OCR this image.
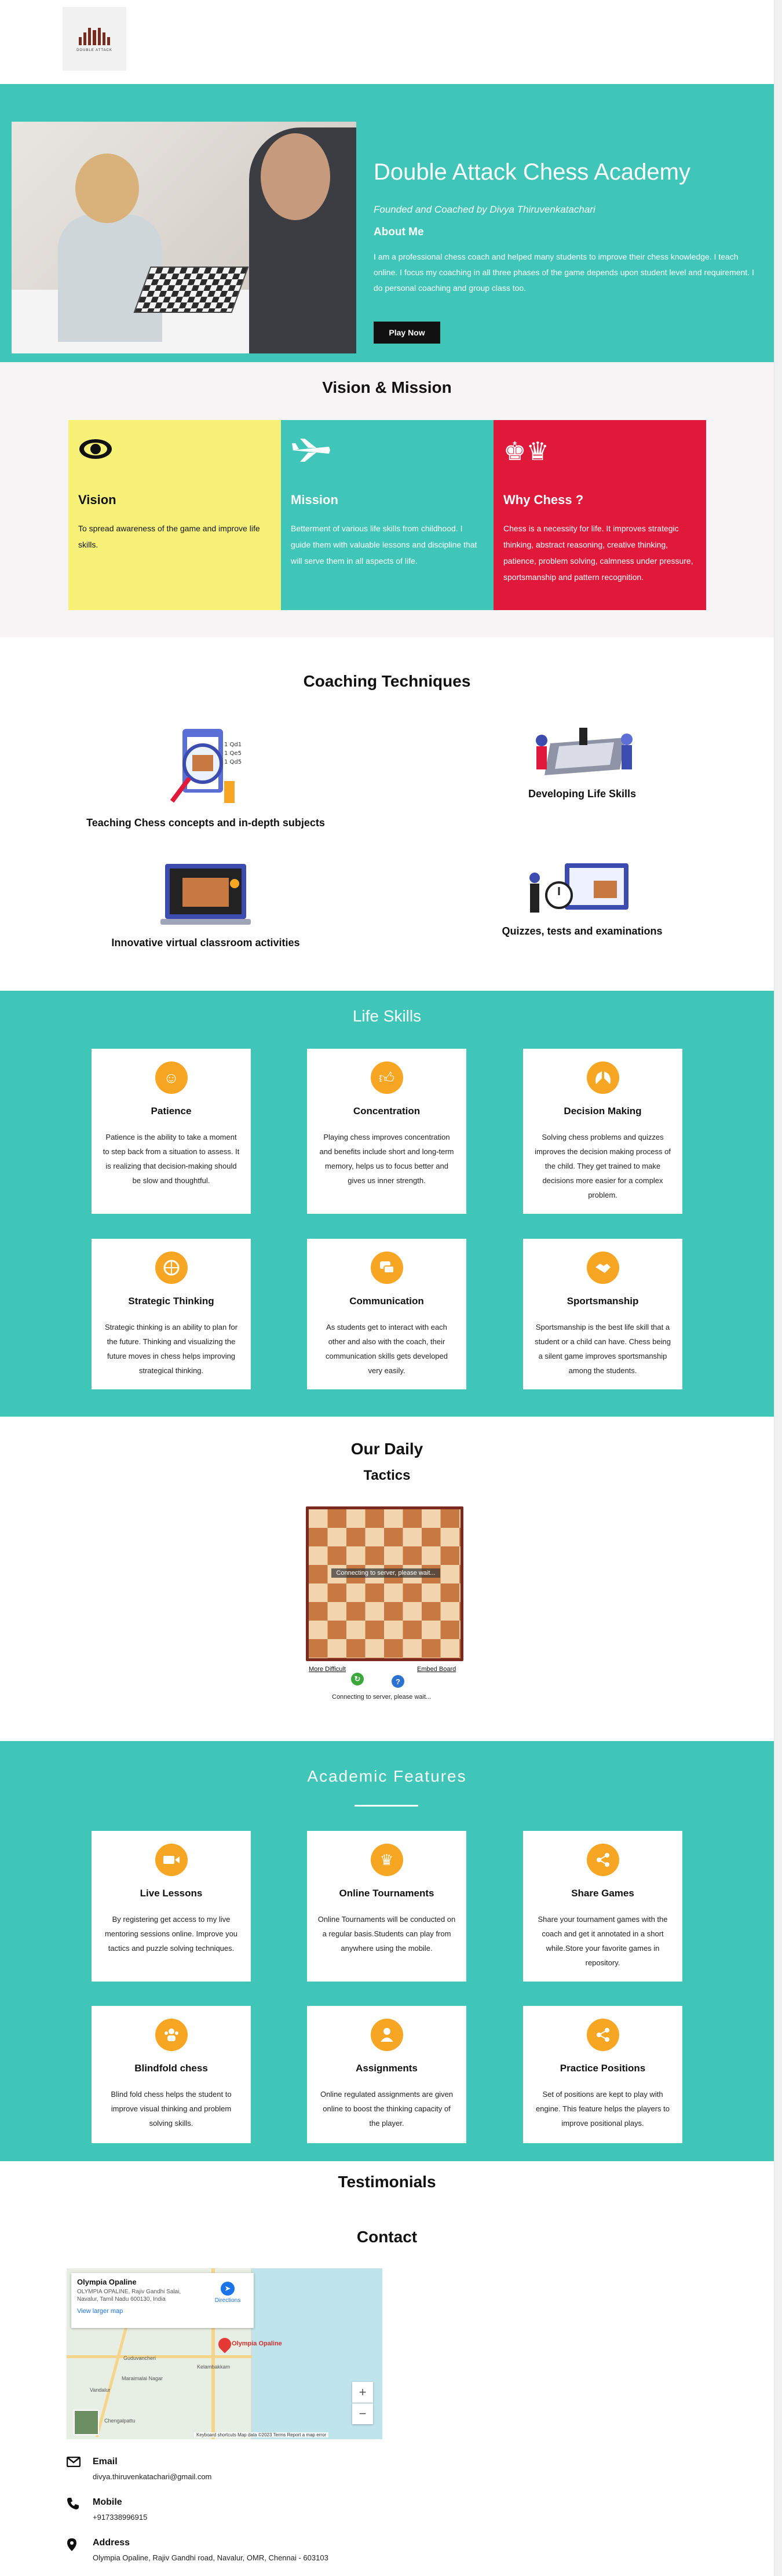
DOUBLE ATTACK
Double Attack Chess Academy
Founded and Coached by Divya Thiruvenkatachari
About Me
I am a professional chess coach and helped many students to improve their chess knowledge. I teach online. I focus my coaching in all three phases of the game depends upon student level and requirement. I do personal coaching and group class too.
Play Now
Vision & Mission
Vision
To spread awareness of the game and improve life skills.
Mission
Betterment of various life skills from childhood. I guide them with valuable lessons and discipline that will serve them in all aspects of life.
♚♛
Why Chess ?
Chess is a necessity for life. It improves strategic thinking, abstract reasoning, creative thinking, patience, problem solving, calmness under pressure, sportsmanship and pattern recognition.
Coaching Techniques
1 Qd1
1 Qe5
1 Qd5
Teaching Chess concepts and in-depth subjects
Developing Life Skills
Innovative virtual classroom activities
Quizzes, tests and examinations
Life Skills
☺
Patience
Patience is the ability to take a moment to step back from a situation to assess. It is realizing that decision-making should be slow and thoughtful.
👍︎
Concentration
Playing chess improves concentration and benefits include short and long-term memory, helps us to focus better and gives us inner strength.
Decision Making
Solving chess problems and quizzes improves the decision making process of the child. They get trained to make decisions more easier for a complex problem.
Strategic Thinking
Strategic thinking is an ability to plan for the future. Thinking and visualizing the future moves in chess helps improving strategical thinking.
Communication
As students get to interact with each other and also with the coach, their communication skills gets developed very easily.
Sportsmanship
Sportsmanship is the best life skill that a student or a child can have. Chess being a silent game improves sportsmanship among the students.
Our Daily
Tactics
Connecting to server, please wait...
More Difficult	Embed Board
↻	?
Connecting to server, please wait...
Academic Features
Live Lessons
By registering get access to my live mentoring sessions online. Improve you tactics and puzzle solving techniques.
♛
Online Tournaments
Online Tournaments will be conducted on a regular basis.Students can play from anywhere using the mobile.
Share Games
Share your tournament games with the coach and get it annotated in a short while.Store your favorite games in repository.
Blindfold chess
Blind fold chess helps the student to improve visual thinking and problem solving skills.
Assignments
Online regulated assignments are given online to boost the thinking capacity of the player.
Practice Positions
Set of positions are kept to play with engine. This feature helps the players to improve positional plays.
Testimonials
Contact
Olympia Opaline
OLYMPIA OPALINE, Rajiv Gandhi Salai, Navalur, Tamil Nadu 600130, India
View larger map
➤
Directions
Olympia Opaline
Guduvancheri
Maraimalai Nagar
Vandalur
Kelambakkam
Chengalpattu
+
−
Keyboard shortcuts Map data ©2023 Terms Report a map error
Email
divya.thiruvenkatachari@gmail.com
Mobile
+917338996915
Address
Olympia Opaline, Rajiv Gandhi road, Navalur, OMR, Chennai - 603103
